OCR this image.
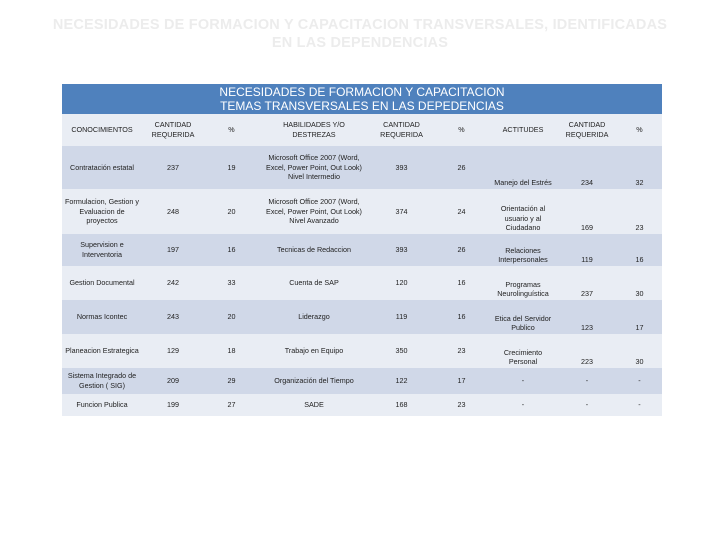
NECESIDADES DE FORMACION Y CAPACITACION TRANSVERSALES, IDENTIFICADAS
EN LAS DEPENDENCIAS
NECESIDADES DE FORMACION Y CAPACITACION
TEMAS TRANSVERSALES EN LAS DEPEDENCIAS
CONOCIMIENTOS	CANTIDAD REQUERIDA	%	HABILIDADES Y/O DESTREZAS	CANTIDAD REQUERIDA	%	ACTITUDES	CANTIDAD REQUERIDA	%
Contratación estatal	237	19	Microsoft Office 2007 (Word, Excel, Power Point, Out Look) Nivel Intermedio	393	26	Manejo del Estrés	234	32
Formulacion, Gestion y Evaluacion de proyectos	248	20	Microsoft Office 2007 (Word, Excel, Power Point, Out Look) Nivel Avanzado	374	24	Orientación al usuario y al Ciudadano	169	23
Supervision e Interventoria	197	16	Tecnicas de Redaccion	393	26	Relaciones Interpersonales	119	16
Gestion Documental	242	33	Cuenta de SAP	120	16	Programas Neurolinguística	237	30
Normas Icontec	243	20	Liderazgo	119	16	Etica del Servidor Publico	123	17
Planeacion Estrategica	129	18	Trabajo en Equipo	350	23	Crecimiento Personal	223	30
Sistema Integrado de Gestion ( SIG)	209	29	Organización del Tiempo	122	17	-	-	-
Funcion Publica	199	27	SADE	168	23	-	-	-
